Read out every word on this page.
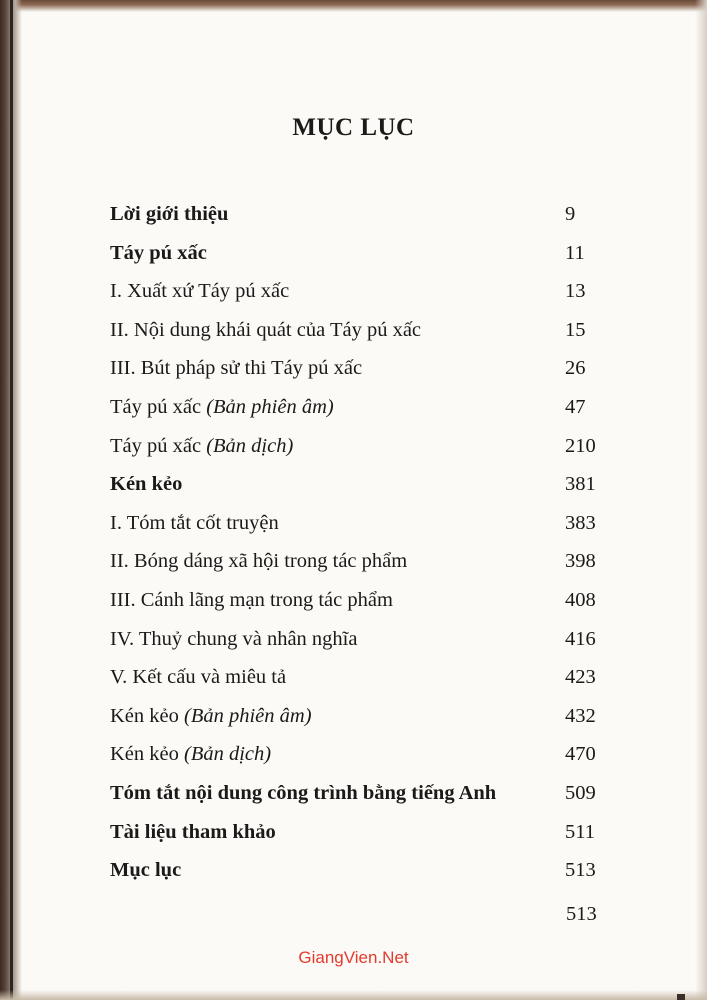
MỤC LỤC
Lời giới thiệu	9
Táy pú xấc	11
I. Xuất xứ Táy pú xấc	13
II. Nội dung khái quát của Táy pú xấc	15
III. Bút pháp sử thi Táy pú xấc	26
Táy pú xấc (Bản phiên âm)	47
Táy pú xấc (Bản dịch)	210
Kén kẻo	381
I. Tóm tắt cốt truyện	383
II. Bóng dáng xã hội trong tác phẩm	398
III. Cánh lãng mạn trong tác phẩm	408
IV. Thuỷ chung và nhân nghĩa	416
V. Kết cấu và miêu tả	423
Kén kẻo (Bản phiên âm)	432
Kén kẻo (Bản dịch)	470
Tóm tắt nội dung công trình bằng tiếng Anh	509
Tài liệu tham khảo	511
Mục lục	513
513
GiangVien.Net
